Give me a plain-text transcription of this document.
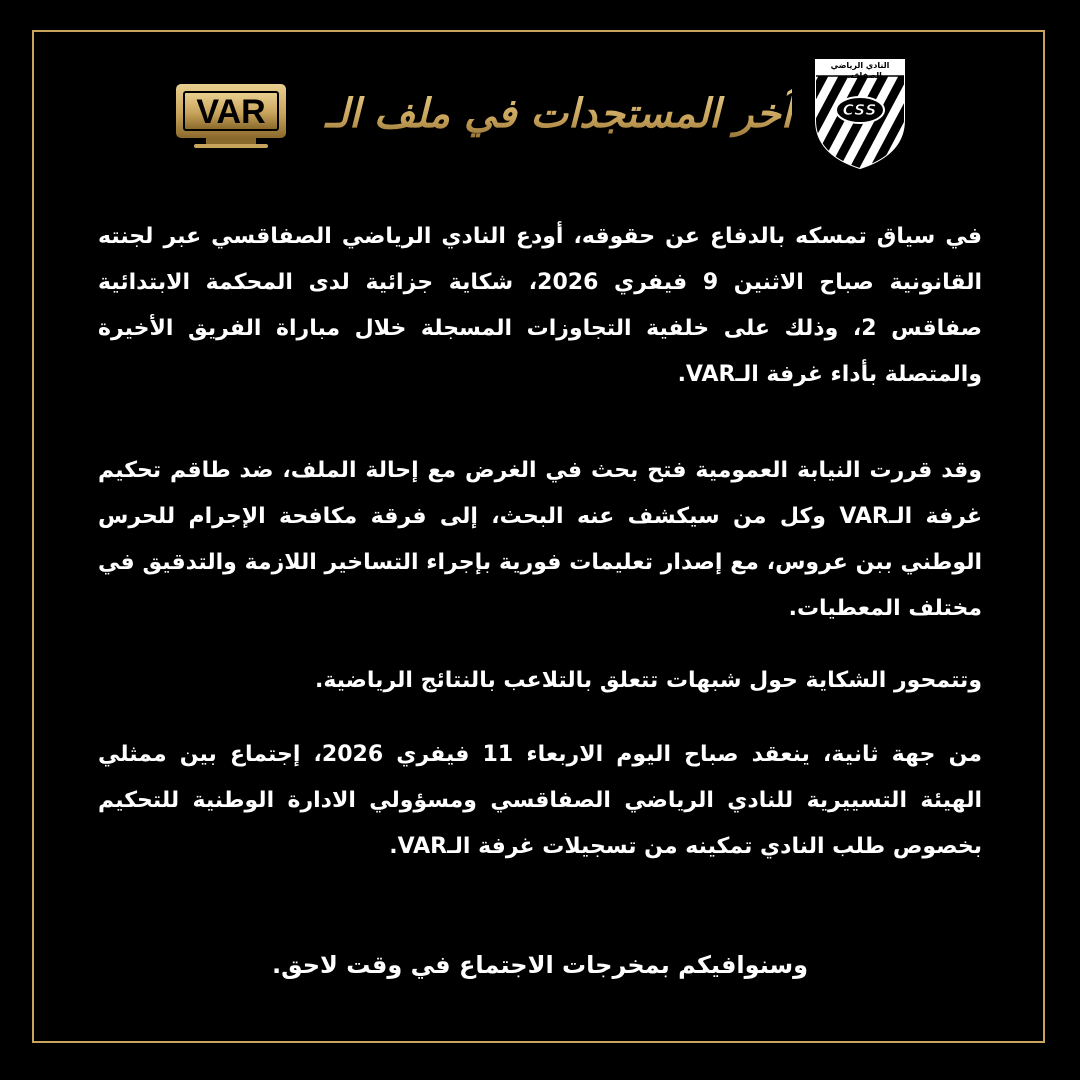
النادي الرياضي الصفاقسي
CSS
آخر المستجدات في ملف الـ
VAR

في سياق تمسكه بالدفاع عن حقوقه، أودع النادي الرياضي الصفاقسي عبر لجنته القانونية صباح الاثنين 9 فيفري 2026، شكاية جزائية لدى المحكمة الابتدائية صفاقس 2، وذلك على خلفية التجاوزات المسجلة خلال مباراة الفريق الأخيرة والمتصلة بأداء غرفة الـVAR.

وقد قررت النيابة العمومية فتح بحث في الغرض مع إحالة الملف، ضد طاقم تحكيم غرفة الـVAR وكل من سيكشف عنه البحث، إلى فرقة مكافحة الإجرام للحرس الوطني ببن عروس، مع إصدار تعليمات فورية بإجراء التساخير اللازمة والتدقيق في مختلف المعطيات.

وتتمحور الشكاية حول شبهات تتعلق بالتلاعب بالنتائج الرياضية.

من جهة ثانية، ينعقد صباح اليوم الاربعاء 11 فيفري 2026، إجتماع بين ممثلي الهيئة التسييرية للنادي الرياضي الصفاقسي ومسؤولي الادارة الوطنية للتحكيم بخصوص طلب النادي تمكينه من تسجيلات غرفة الـVAR.

وسنوافيكم بمخرجات الاجتماع في وقت لاحق.
